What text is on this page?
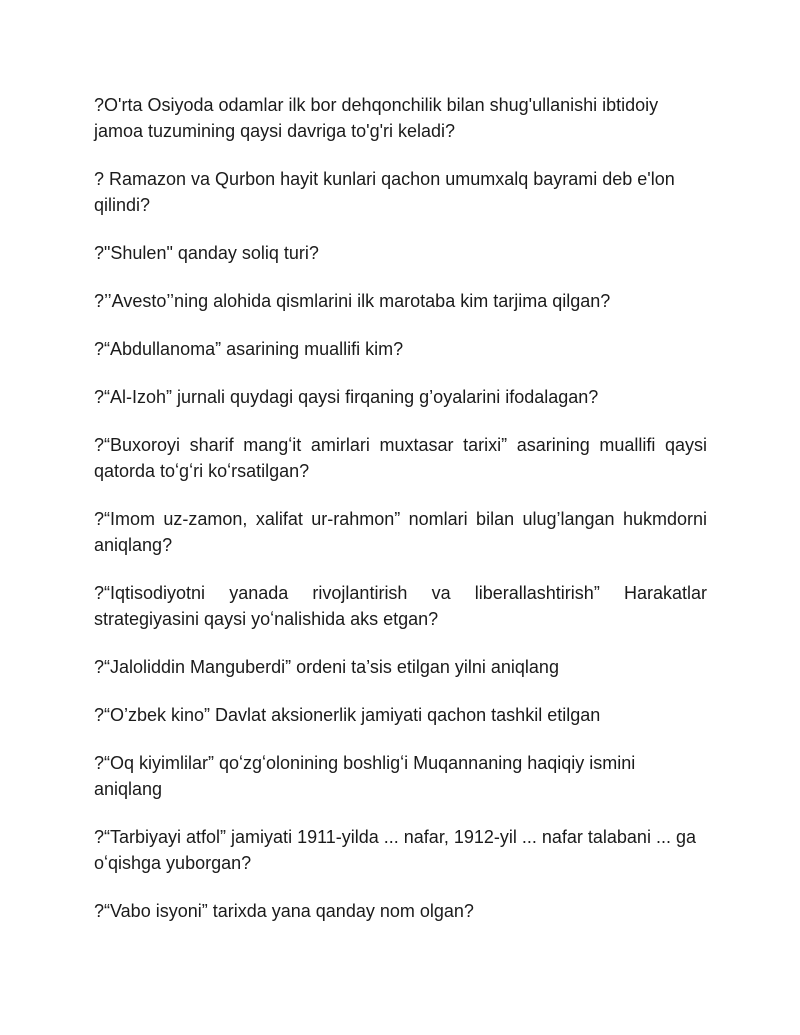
?O'rta Osiyoda odamlar ilk bor dehqonchilik bilan shug'ullanishi ibtidoiy
jamoa tuzumining qaysi davriga to'g'ri keladi?

? Ramazon va Qurbon hayit kunlari qachon umumxalq bayrami deb e'lon
qilindi?

?"Shulen" qanday soliq turi?

?’’Avesto’’ning alohida qismlarini ilk marotaba kim tarjima qilgan?

?“Abdullanoma” asarining muallifi kim?

?“Al-Izoh” jurnali quydagi qaysi firqaning g’oyalarini ifodalagan?

?“Buxoroyi sharif mangʻit amirlari muxtasar tarixi” asarining muallifi qaysi
qatorda toʻgʻri koʻrsatilgan?

?“Imom uz-zamon, xalifat ur-rahmon” nomlari bilan ulug’langan hukmdorni
aniqlang?

?“Iqtisodiyotni yanada rivojlantirish va liberallashtirish” Harakatlar
strategiyasini qaysi yoʻnalishida aks etgan?

?“Jaloliddin Manguberdi” ordeni ta’sis etilgan yilni aniqlang

?“O’zbek kino” Davlat aksionerlik jamiyati qachon tashkil etilgan

?“Oq kiyimlilar” qoʻzgʻolonining boshligʻi Muqannaning haqiqiy ismini
aniqlang

?“Tarbiyayi atfol” jamiyati 1911-yilda ... nafar, 1912-yil ... nafar talabani ... ga
oʻqishga yuborgan?

?“Vabo isyoni” tarixda yana qanday nom olgan?
